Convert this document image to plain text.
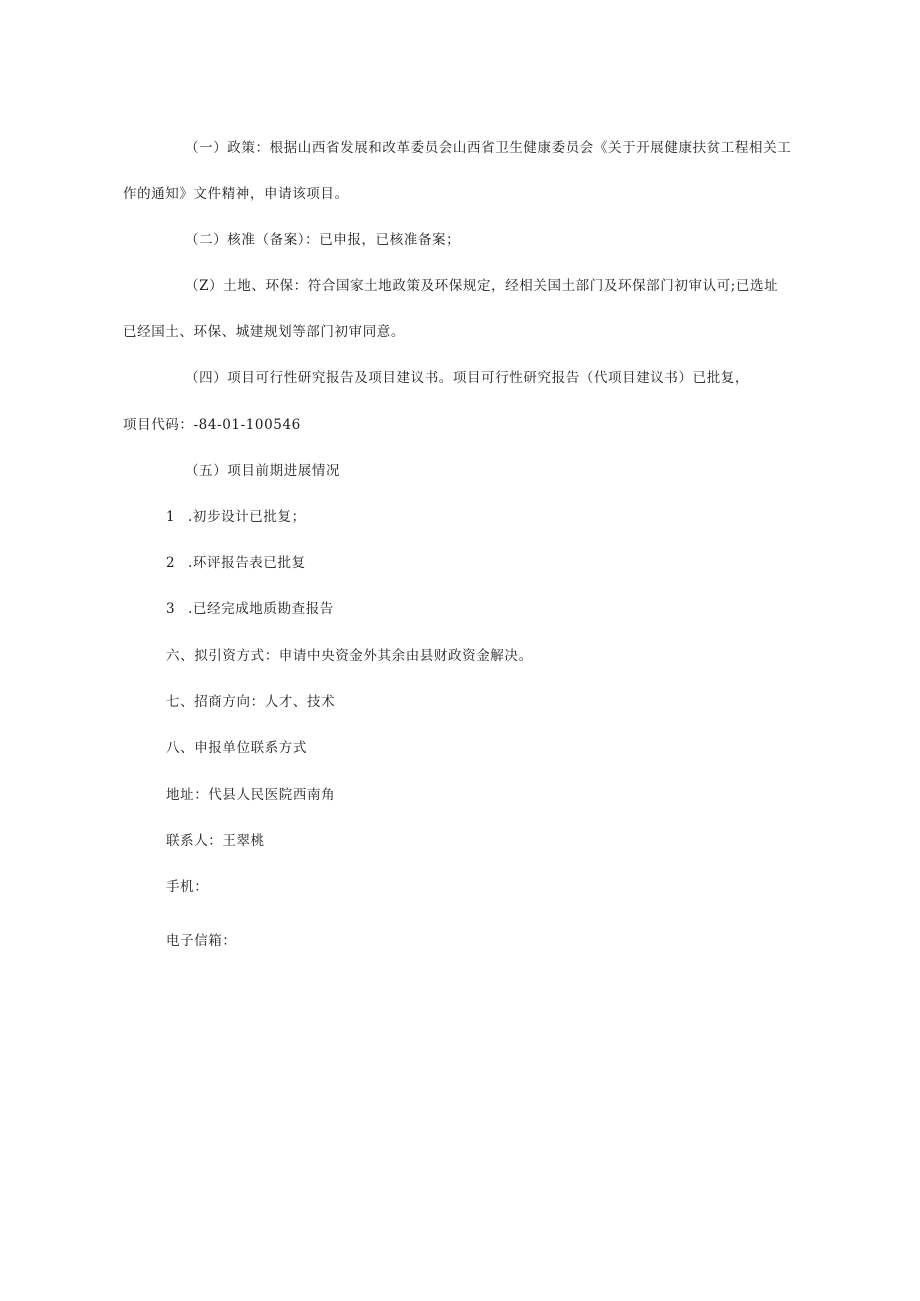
（一）政策：根据山西省发展和改革委员会山西省卫生健康委员会《关于开展健康扶贫工程相关工
作的通知》文件精神，申请该项目。
（二）核准（备案）：已申报，已核准备案；
（Z）土地、环保：符合国家土地政策及环保规定，经相关国土部门及环保部门初审认可;已选址
已经国土、环保、城建规划等部门初审同意。
（四）项目可行性研究报告及项目建议书。项目可行性研究报告（代项目建议书）已批复，
项目代码：-84-01-100546
（五）项目前期进展情况
1 .初步设计已批复；
2 .环评报告表已批复
3 .已经完成地质勘查报告
六、拟引资方式：申请中央资金外其余由县财政资金解决。
七、招商方向：人才、技术
八、申报单位联系方式
地址：代县人民医院西南角
联系人：王翠桃
手机：
电子信箱：
